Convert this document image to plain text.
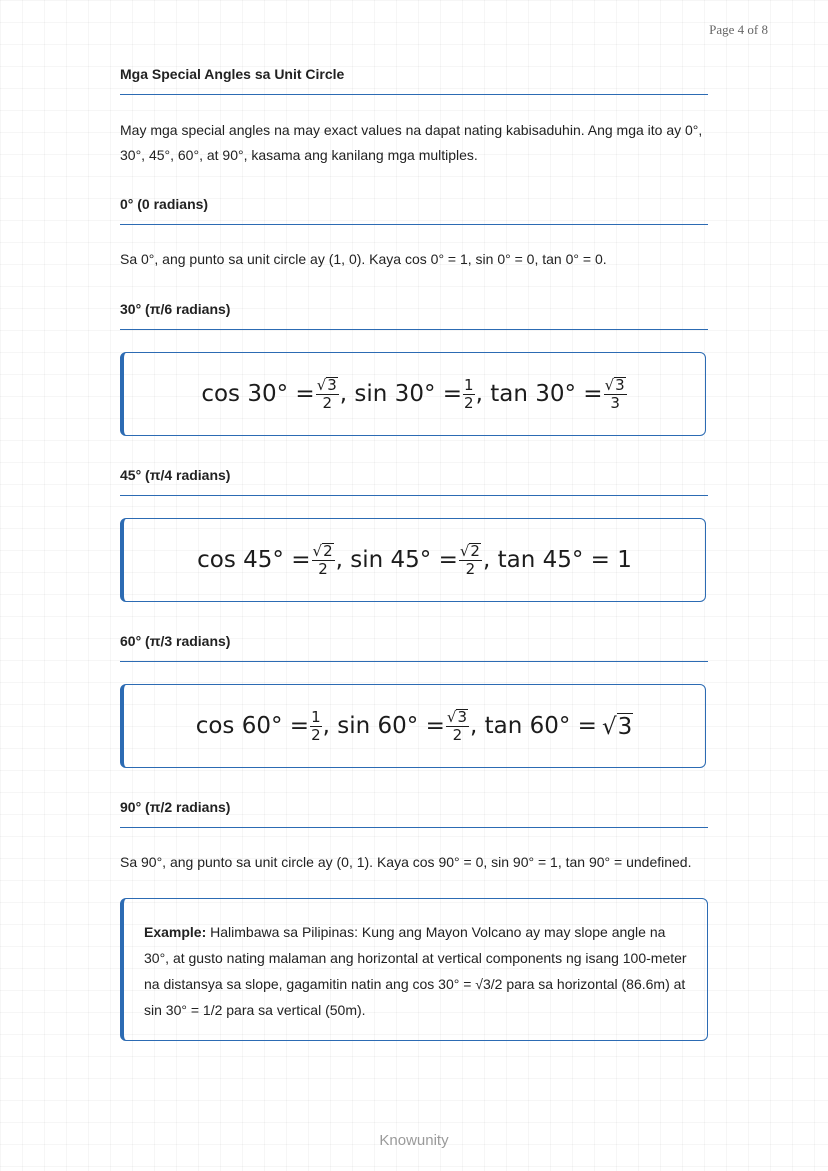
Page 4 of 8
Mga Special Angles sa Unit Circle
May mga special angles na may exact values na dapat nating kabisaduhin. Ang mga ito ay 0°, 30°, 45°, 60°, at 90°, kasama ang kanilang mga multiples.
0° (0 radians)
Sa 0°, ang punto sa unit circle ay (1, 0). Kaya cos 0° = 1, sin 0° = 0, tan 0° = 0.
30° (π/6 radians)
$\cos 30^\circ = \frac{√ 3}{2}$ , $\sin 30^\circ = \frac{1}{2}$ , $\tan 30^\circ = \frac{√ 3}{3}$
45° (π/4 radians)
$\cos 45^\circ = \frac{√ 2}{2}$ , $\sin 45^\circ = \frac{√ 2}{2}$ , tan 45° = 1
60° (π/3 radians)
$\cos 60^\circ = \frac{1}{2}$ , $\sin 60^\circ = \frac{√ 3}{2}$ , tan 60° = √ 3
90° (π/2 radians)
Sa 90°, ang punto sa unit circle ay (0, 1). Kaya cos 90° = 0, sin 90° = 1, tan 90° = undefined.
Example: Halimbawa sa Pilipinas: Kung ang Mayon Volcano ay may slope angle na 30°, at gusto nating malaman ang horizontal at vertical components ng isang 100-meter na distansya sa slope, gagamitin natin ang cos 30° = √3/2 para sa horizontal (86.6m) at sin 30° = 1/2 para sa vertical (50m).
Knowunity
